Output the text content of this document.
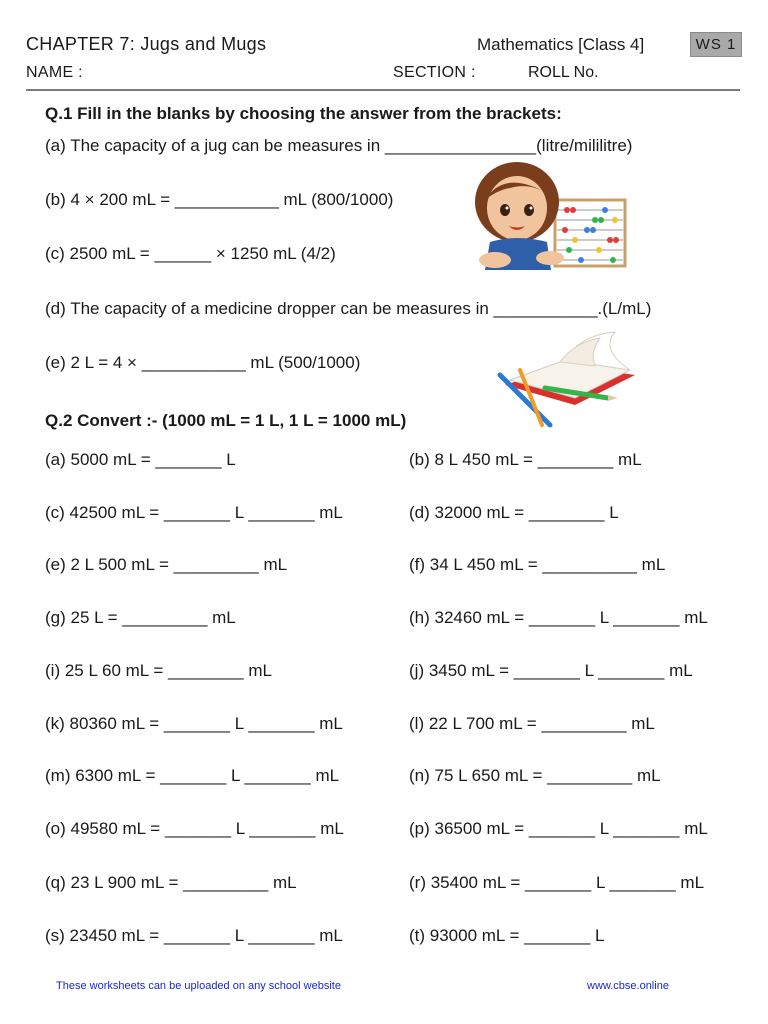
CHAPTER 7: Jugs and Mugs	Mathematics [Class 4]	WS 1
NAME :	SECTION :	ROLL No.
Q.1 Fill in the blanks by choosing the answer from the brackets:
(a) The capacity of a jug can be measures in ________________(litre/mililitre)
(b) 4 × 200 mL = ___________ mL (800/1000)
(c) 2500 mL = ______ × 1250 mL (4/2)
(d) The capacity of a medicine dropper can be measures in ___________.(L/mL)
(e) 2 L = 4 × ___________ mL (500/1000)
Q.2 Convert :- (1000 mL = 1 L, 1 L = 1000 mL)
(a) 5000 mL = _______ L	(b) 8 L 450 mL = ________ mL
(c) 42500 mL = _______ L _______ mL	(d) 32000 mL = ________ L
(e) 2 L 500 mL = _________ mL	(f) 34 L 450 mL = __________ mL
(g) 25 L = _________ mL	(h) 32460 mL = _______ L _______ mL
(i) 25 L 60 mL = ________ mL	(j) 3450 mL = _______ L _______ mL
(k) 80360 mL = _______ L _______ mL	(l) 22 L 700 mL = _________ mL
(m) 6300 mL = _______ L _______ mL	(n) 75 L 650 mL = _________ mL
(o) 49580 mL = _______ L _______ mL	(p) 36500 mL = _______ L _______ mL
(q) 23 L 900 mL = _________ mL	(r) 35400 mL = _______ L _______ mL
(s) 23450 mL = _______ L _______ mL	(t) 93000 mL = _______ L
These worksheets can be uploaded on any school website	www.cbse.online
